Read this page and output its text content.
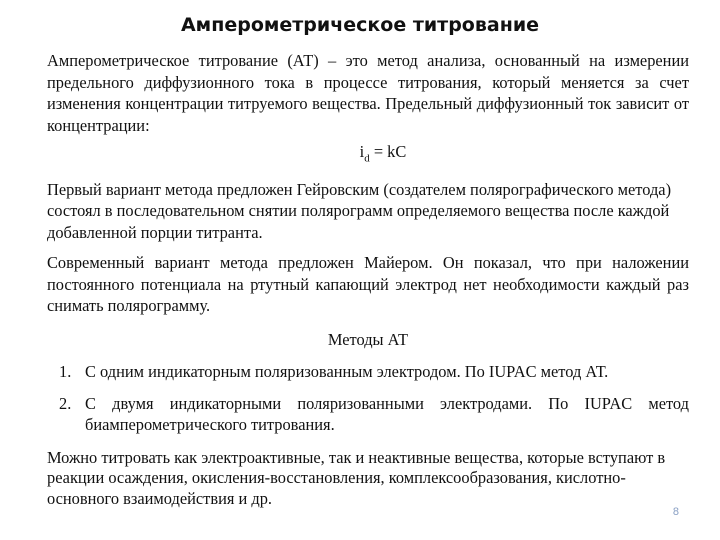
Амперометрическое титрование

Амперометрическое титрование (АТ) – это метод анализа, основанный на измерении предельного диффузионного тока в процессе титрования, который меняется за счет изменения концентрации титруемого вещества. Предельный диффузионный ток зависит от концентрации:

$i_d$ = kC

Первый вариант метода предложен Гейровским (создателем полярографического метода) состоял в последовательном снятии полярограмм определяемого вещества после каждой добавленной порции титранта.

Современный вариант метода предложен Майером. Он показал, что при наложении постоянного потенциала на ртутный капающий электрод нет необходимости каждый раз снимать полярограмму.

Методы АТ

1. С одним индикаторным поляризованным электродом. По IUPAC метод АТ.
2. С двумя индикаторными поляризованными электродами. По IUPAC метод биамперометрического титрования.

Можно титровать как электроактивные, так и неактивные вещества, которые вступают в реакции осаждения, окисления-восстановления, комплексообразования, кислотно-основного взаимодействия и др.

8
